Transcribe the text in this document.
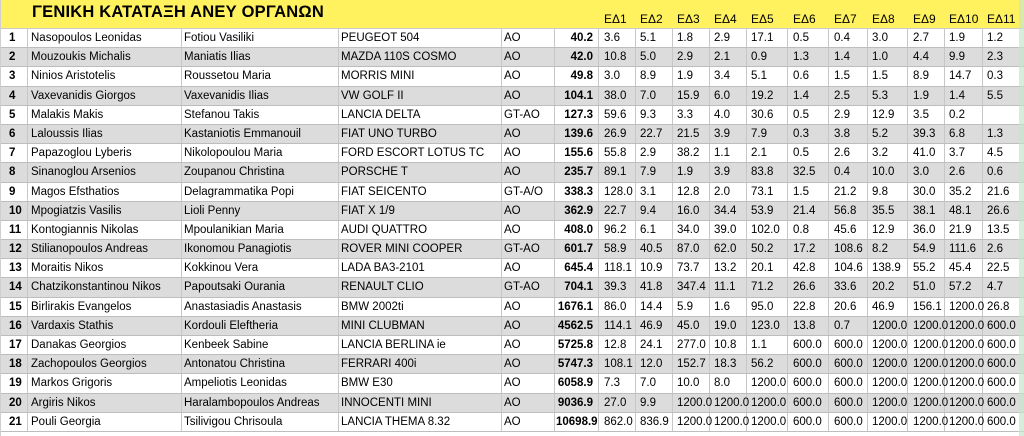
ΓΕΝΙΚΗ ΚΑΤΑΤΑΞΗ ΑΝΕΥ ΟΡΓΑΝΩΝ	ΕΔ1 ΕΔ2 ΕΔ3 ΕΔ4 ΕΔ5 ΕΔ6 ΕΔ7 ΕΔ8 ΕΔ9 ΕΔ10 ΕΔ11
1	Nasopoulos Leonidas	Fotiou Vasiliki	PEUGEOT 504	AO	40.2 3.6	5.1	1.8	2.9	17.1	0.5	0.4	3.0	2.7	1.9	1.2
2	Mouzoukis Michalis	Maniatis Ilias	MAZDA 110S COSMO	AO	42.0 10.8	5.0	2.9	2.1	0.9	1.3	1.4	1.0	4.4	9.9	2.3
3	Ninios Aristotelis	Roussetou Maria	MORRIS MINI	AO	49.8 3.0	8.9	1.9	3.4	5.1	0.6	1.5	1.5	8.9	14.7	0.3
4	Vaxevanidis Giorgos	Vaxevanidis Ilias	VW GOLF II	AO	104.1 38.0	7.0	15.9	6.0	19.2	1.4	2.5	5.3	1.9	1.4	5.5
5	Malakis Makis	Stefanou Takis	LANCIA DELTA	GT-AO	127.3 59.6	9.3	3.3	4.0	30.6	0.5	2.9	12.9	3.5	0.2
6	Laloussis Ilias	Kastaniotis Emmanouil	FIAT UNO TURBO	AO	139.6 26.9	22.7	21.5	3.9	7.9	0.3	3.8	5.2	39.3	6.8	1.3
7	Papazoglou Lyberis	Nikolopoulou Maria	FORD ESCORT LOTUS TC	AO	155.6 55.8	2.9	38.2	1.1	2.1	0.5	2.6	3.2	41.0	3.7	4.5
8	Sinanoglou Arsenios	Zoupanou Christina	PORSCHE T	AO	235.7 89.1	7.9	1.9	3.9	83.8	32.5	0.4	10.0	3.0	2.6	0.6
9	Magos Efsthatios	Delagrammatika Popi	FIAT SEICENTO	GT-A/O	338.3 128.0 3.1	12.8	2.0	73.1	1.5	21.2	9.8	30.0	35.2	21.6
10 Mpogiatzis Vasilis	Lioli Penny	FIAT X 1/9	AO	362.9 22.7	9.4	16.0	34.4	53.9	21.4	56.8	35.5	38.1	48.1	26.6
11 Kontogiannis Nikolas	Mpoulanikian Maria	AUDI QUATTRO	AO	408.0 96.2	6.1	34.0	39.0	102.0 0.8	45.6	12.9	36.0	21.9	13.5
12 Stilianopoulos Andreas	Ikonomou Panagiotis	ROVER MINI COOPER	GT-AO	601.7 58.9	40.5	87.0	62.0	50.2	17.2	108.6 8.2	54.9	111.6 2.6
13 Moraitis Nikos	Kokkinou Vera	LADA BA3-2101	AO	645.4 118.1 10.9	73.7	13.2	20.1	42.8	104.6 138.9 55.2	45.4	22.5
14 Chatzikonstantinou Nikos	Papoutsaki Ourania	RENAULT CLIO	GT-AO	704.1 39.3	41.8	347.4 11.1	71.2	26.6	33.6	20.2	51.0	57.2	4.7
15 Birlirakis Evangelos	Anastasiadis Anastasis	BMW 2002ti	AO	1676.1 86.0	14.4	5.9	1.6	95.0	22.8	20.6	46.9	156.1 1200.0 26.8
16 Vardaxis Stathis	Kordouli Eleftheria	MINI CLUBMAN	AO	4562.5 114.1 46.9	45.0	19.0	123.0 13.8	0.7	1200.0 1200.0 1200.0 600.0
17 Danakas Georgios	Kenbeek Sabine	LANCIA BERLINA ie	AO	5725.8 12.8	24.1	277.0 10.8	1.1	600.0 600.0 1200.0 1200.0 1200.0 600.0
18 Zachopoulos Georgios	Antonatou Christina	FERRARI 400i	AO	5747.3 108.1 12.0	152.7 18.3	56.2	600.0 600.0 1200.0 1200.0 1200.0 600.0
19 Markos Grigoris	Ampeliotis Leonidas	BMW E30	AO	6058.9 7.3	7.0	10.0	8.0	1200.0 600.0 600.0 1200.0 1200.0 1200.0 600.0
20 Argiris Nikos	Haralambopoulos Andreas	INNOCENTI MINI	AO	9036.9 27.0	9.9	1200.0 1200.0 1200.0 600.0 600.0 1200.0 1200.0 1200.0 600.0
21 Pouli Georgia	Tsilivigou Chrisoula	LANCIA THEMA 8.32	AO	10698.9 862.0 836.9 1200.0 1200.0 1200.0 600.0 600.0 1200.0 1200.0 1200.0 600.0
